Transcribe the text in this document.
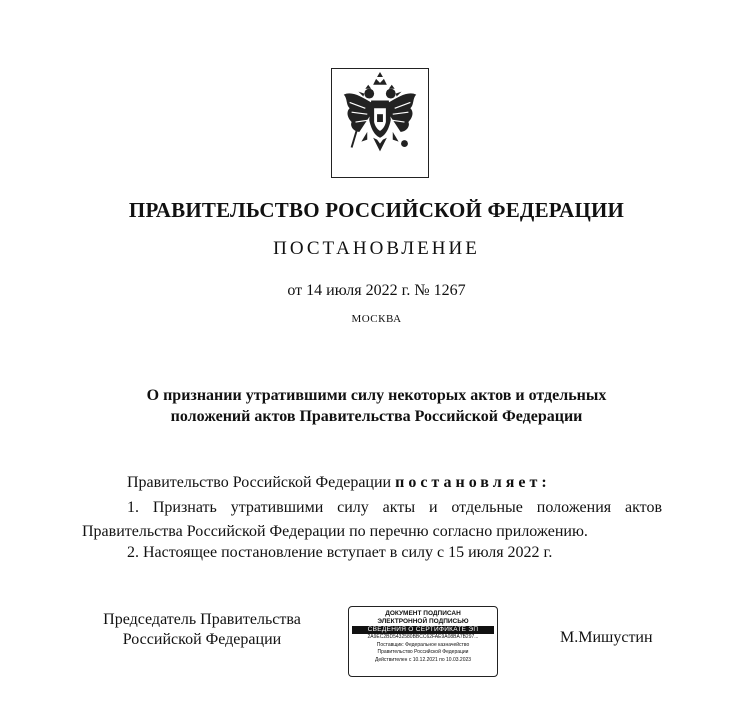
ПРАВИТЕЛЬСТВО РОССИЙСКОЙ ФЕДЕРАЦИИ
ПОСТАНОВЛЕНИЕ
от 14 июля 2022 г. № 1267
МОСКВА
О признании утратившими силу некоторых актов и отдельных
положений актов Правительства Российской Федерации
Правительство Российской Федерации постановляет:
1. Признать утратившими силу акты и отдельные положения актов Правительства Российской Федерации по перечню согласно приложению.
2. Настоящее постановление вступает в силу с 15 июля 2022 г.
Председатель Правительства
Российской Федерации
ДОКУМЕНТ ПОДПИСАН
ЭЛЕКТРОННОЙ ПОДПИСЬЮ
СВЕДЕНИЯ О СЕРТИФИКАТЕ ЭП
2A9EC2BD5432580BBCC62FAE9A08BA7B297...
Поставщик: Федеральное казначейство
Правительство Российской Федерации
Действителен с 10.12.2021 по 10.03.2023
М.Мишустин
